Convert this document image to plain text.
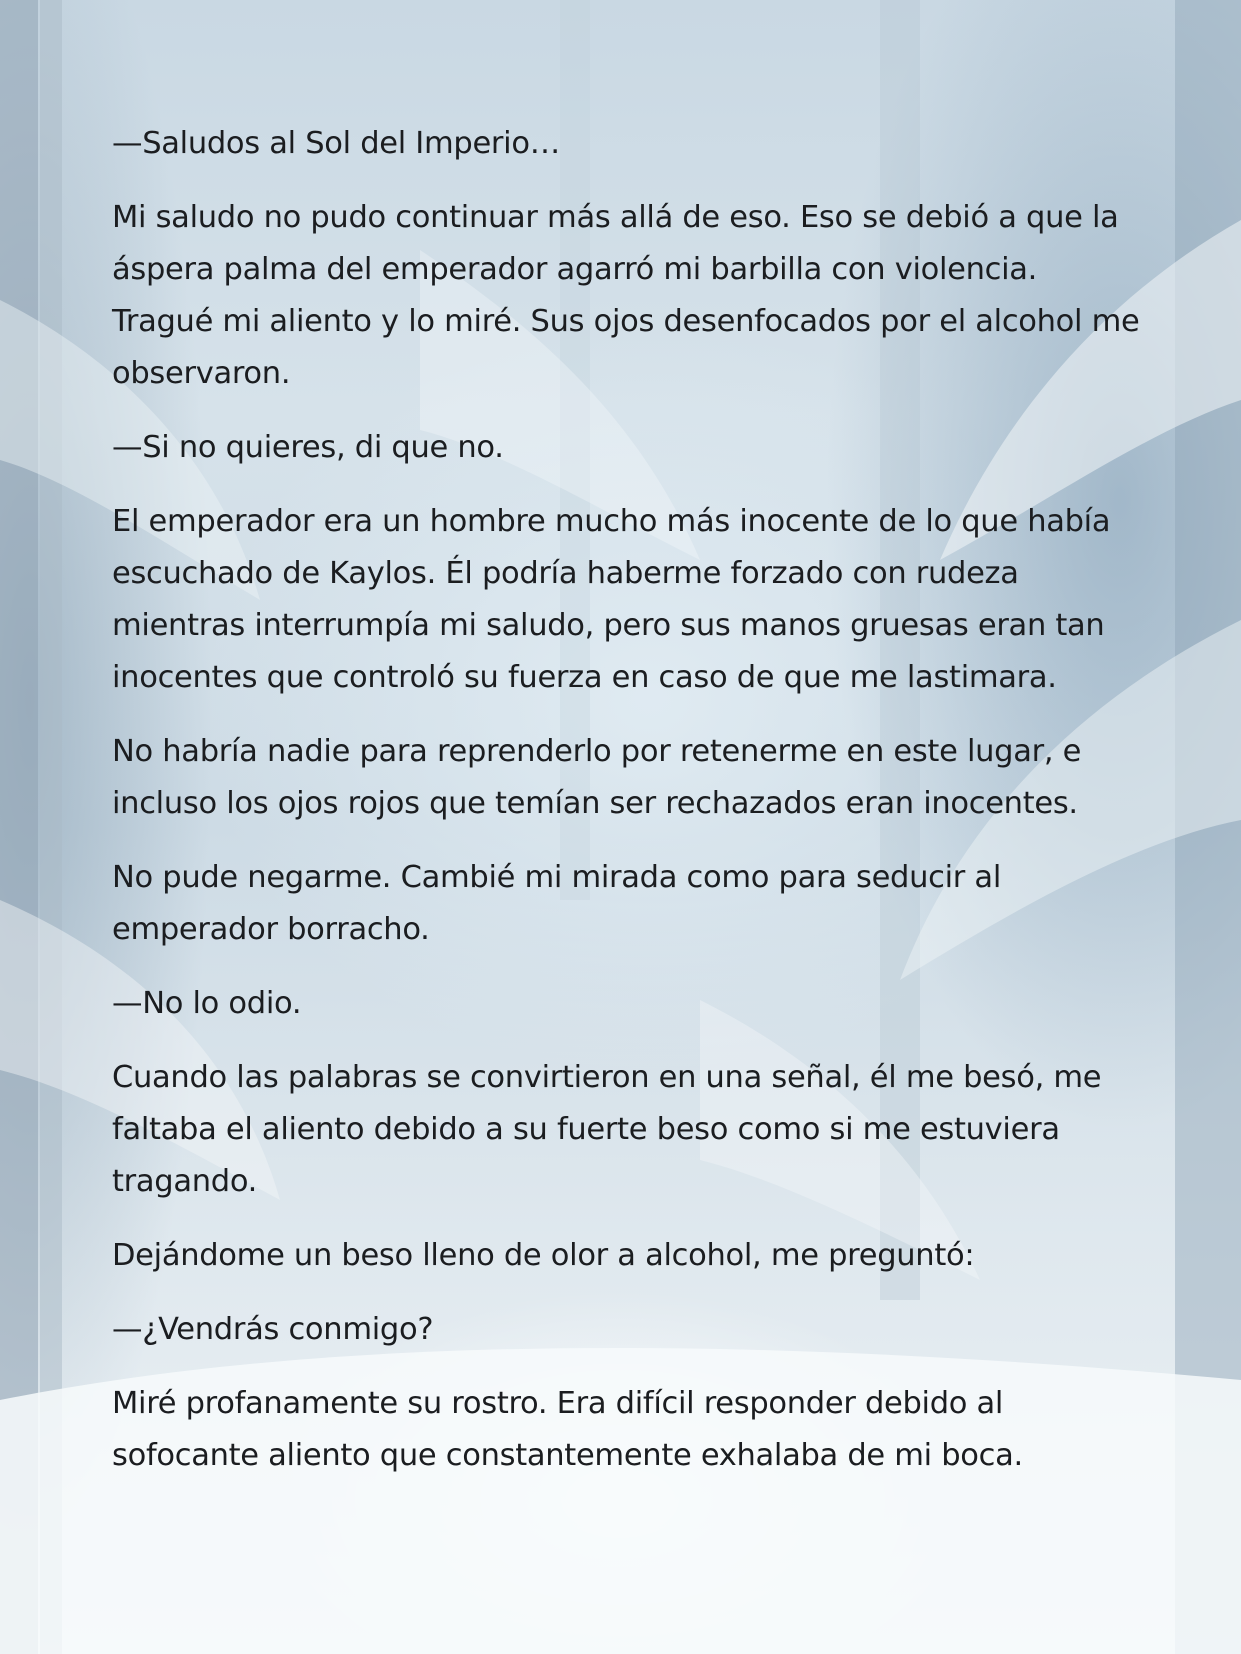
—Saludos al Sol del Imperio…

Mi saludo no pudo continuar más allá de eso. Eso se debió a que la áspera palma del emperador agarró mi barbilla con violencia. Tragué mi aliento y lo miré. Sus ojos desenfocados por el alcohol me observaron.

—Si no quieres, di que no.

El emperador era un hombre mucho más inocente de lo que había escuchado de Kaylos. Él podría haberme forzado con rudeza mientras interrumpía mi saludo, pero sus manos gruesas eran tan inocentes que controló su fuerza en caso de que me lastimara.

No habría nadie para reprenderlo por retenerme en este lugar, e incluso los ojos rojos que temían ser rechazados eran inocentes.

No pude negarme. Cambié mi mirada como para seducir al emperador borracho.

—No lo odio.

Cuando las palabras se convirtieron en una señal, él me besó, me faltaba el aliento debido a su fuerte beso como si me estuviera tragando.

Dejándome un beso lleno de olor a alcohol, me preguntó:

—¿Vendrás conmigo?

Miré profanamente su rostro. Era difícil responder debido al sofocante aliento que constantemente exhalaba de mi boca.
